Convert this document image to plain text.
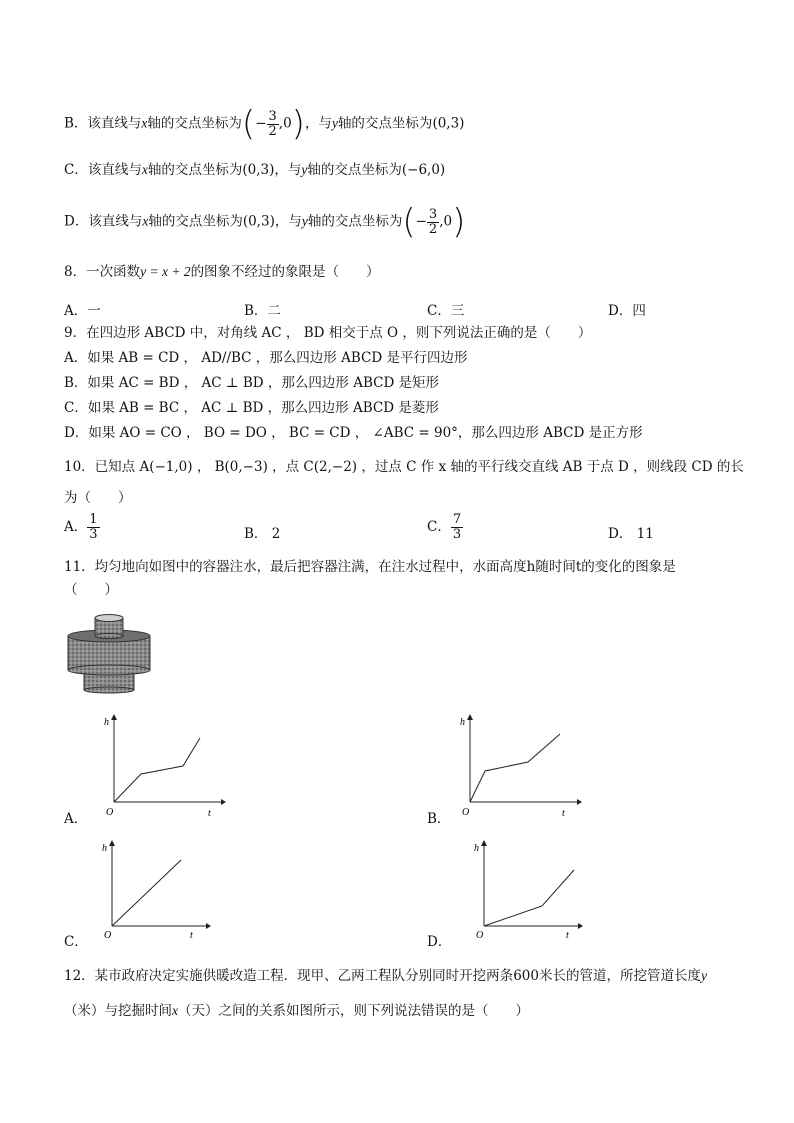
B．该直线与x轴的交点坐标为(− $\frac{3}{2} ,0$)，与y轴的交点坐标为(0,3)
C．该直线与x轴的交点坐标为(0,3)，与y轴的交点坐标为(−6,0)
D．该直线与x轴的交点坐标为(0,3)，与y轴的交点坐标为(− $\frac{3}{2} ,0$)
8．一次函数y = x + 2的图象不经过的象限是（　　）
A．一	B．二	C．三	D．四
9．在四边形 ABCD 中，对角线 AC ， BD 相交于点 O ，则下列说法正确的是（　　）
A．如果 AB = CD ， AD//BC ，那么四边形 ABCD 是平行四边形
B．如果 AC = BD ， AC ⊥ BD ，那么四边形 ABCD 是矩形
C．如果 AB = BC ， AC ⊥ BD ，那么四边形 ABCD 是菱形
D．如果 AO = CO ， BO = DO ， BC = CD ， ∠ABC = 90°，那么四边形 ABCD 是正方形
10．已知点 A(−1,0) ， B(0,−3) ，点 C(2,−2) ，过点 C 作 x 轴的平行线交直线 AB 于点 D ，则线段 CD 的长
为（　　）
A． $\frac{1}{3}$	B． 2	C． $\frac{7}{3}$	D． 11
11．均匀地向如图中的容器注水，最后把容器注满，在注水过程中，水面高度h随时间t的变化的图象是
（　　）
A．
h
O	t	B．
h
O	t
C．
h
O	t	D．
h
O	t
12．某市政府决定实施供暖改造工程．现甲、乙两工程队分别同时开挖两条600米长的管道，所挖管道长度y
（米）与挖掘时间x（天）之间的关系如图所示，则下列说法错误的是（　　）
